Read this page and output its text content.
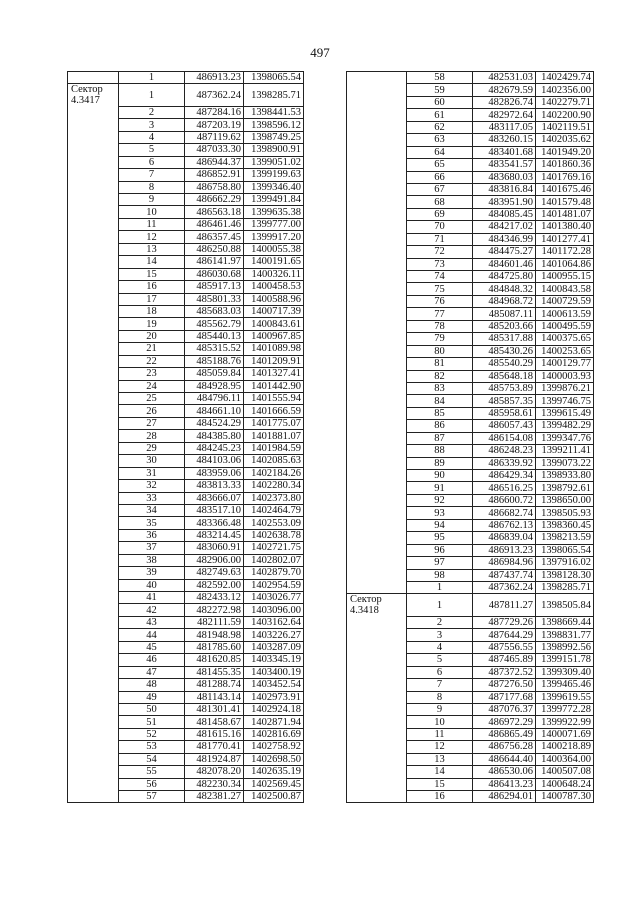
497
	1	486913.23	1398065.54
Сектор 4.3417	1	487362.24	1398285.71
	2	487284.16	1398441.53
	3	487203.19	1398596.12
	4	487119.62	1398749.25
	5	487033.30	1398900.91
	6	486944.37	1399051.02
	7	486852.91	1399199.63
	8	486758.80	1399346.40
	9	486662.29	1399491.84
	10	486563.18	1399635.38
	11	486461.46	1399777.00
	12	486357.45	1399917.20
	13	486250.88	1400055.38
	14	486141.97	1400191.65
	15	486030.68	1400326.11
	16	485917.13	1400458.53
	17	485801.33	1400588.96
	18	485683.03	1400717.39
	19	485562.79	1400843.61
	20	485440.13	1400967.85
	21	485315.52	1401089.98
	22	485188.76	1401209.91
	23	485059.84	1401327.41
	24	484928.95	1401442.90
	25	484796.11	1401555.94
	26	484661.10	1401666.59
	27	484524.29	1401775.07
	28	484385.80	1401881.07
	29	484245.23	1401984.59
	30	484103.06	1402085.63
	31	483959.06	1402184.26
	32	483813.33	1402280.34
	33	483666.07	1402373.80
	34	483517.10	1402464.79
	35	483366.48	1402553.09
	36	483214.45	1402638.78
	37	483060.91	1402721.75
	38	482906.00	1402802.07
	39	482749.63	1402879.70
	40	482592.00	1402954.59
	41	482433.12	1403026.77
	42	482272.98	1403096.00
	43	482111.59	1403162.64
	44	481948.98	1403226.27
	45	481785.60	1403287.09
	46	481620.85	1403345.19
	47	481455.35	1403400.19
	48	481288.74	1403452.54
	49	481143.14	1402973.91
	50	481301.41	1402924.18
	51	481458.67	1402871.94
	52	481615.16	1402816.69
	53	481770.41	1402758.92
	54	481924.87	1402698.50
	55	482078.20	1402635.19
	56	482230.34	1402569.45
	57	482381.27	1402500.87
	58	482531.03	1402429.74
	59	482679.59	1402356.00
	60	482826.74	1402279.71
	61	482972.64	1402200.90
	62	483117.05	1402119.51
	63	483260.15	1402035.62
	64	483401.68	1401949.20
	65	483541.57	1401860.36
	66	483680.03	1401769.16
	67	483816.84	1401675.46
	68	483951.90	1401579.48
	69	484085.45	1401481.07
	70	484217.02	1401380.40
	71	484346.99	1401277.41
	72	484475.27	1401172.28
	73	484601.46	1401064.86
	74	484725.80	1400955.15
	75	484848.32	1400843.58
	76	484968.72	1400729.59
	77	485087.11	1400613.59
	78	485203.66	1400495.59
	79	485317.88	1400375.65
	80	485430.26	1400253.65
	81	485540.29	1400129.77
	82	485648.18	1400003.93
	83	485753.89	1399876.21
	84	485857.35	1399746.75
	85	485958.61	1399615.49
	86	486057.43	1399482.29
	87	486154.08	1399347.76
	88	486248.23	1399211.41
	89	486339.92	1399073.22
	90	486429.34	1398933.80
	91	486516.25	1398792.61
	92	486600.72	1398650.00
	93	486682.74	1398505.93
	94	486762.13	1398360.45
	95	486839.04	1398213.59
	96	486913.23	1398065.54
	97	486984.96	1397916.02
	98	487437.74	1398128.30
	1	487362.24	1398285.71
Сектор 4.3418	1	487811.27	1398505.84
	2	487729.26	1398669.44
	3	487644.29	1398831.77
	4	487556.55	1398992.56
	5	487465.89	1399151.78
	6	487372.52	1399309.40
	7	487276.50	1399465.46
	8	487177.68	1399619.55
	9	487076.37	1399772.28
	10	486972.29	1399922.99
	11	486865.49	1400071.69
	12	486756.28	1400218.89
	13	486644.40	1400364.00
	14	486530.06	1400507.08
	15	486413.23	1400648.24
	16	486294.01	1400787.30
